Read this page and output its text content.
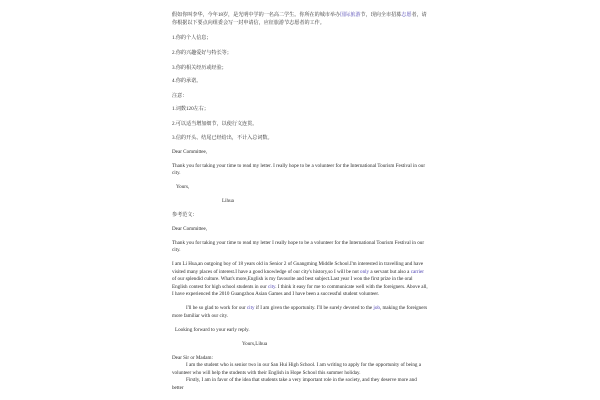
假如你叫李华，今年18岁，是光明中学的一名高二学生。你所在的城市举办国际旅游节，现向全市招募志愿者，请你根据以下要点向组委会写一封申请信，应征旅游节志愿者的工作。
1.你的个人信息；
2.你的兴趣爱好与特长等；
3.你的相关经历或经验；
4.你的承诺。
注意：
1.词数120左右；
2.可以适当增加细节，以使行文连贯。
3.信的开头、结尾已经给出，不计入总词数。
Dear Committee,
Thank you for taking your time to read my letter. I really hope to be a volunteer for the International Tourism Festival in our
city.
Yours,
Lihua
参考范文：
Dear Committee,
Thank you for taking your time to read my letter I really hope to be a volunteer for the International Tourism Festival in our
city.
I am Li Hua,an outgoing boy of 18 years old in Senior 2 of Guangming Middle School.I'm interested in travelling and have visited many places of interest.I have a good knowledge of our city's history,so I will be not only a servant but also a carrier of our splendid culture. What's more,English is my favourite and best subject.Last year I won the first prize in the oral English contest for high school students in our city. I think it easy for me to communicate well with the foreigners. Above all, I have experienced the 2010 Guangzhou Asian Games and I have been a successful student volunteer.
I'll be so glad to work for our city if I am given the opportunity. I'll be surely devoted to the job, making the foreigners more familiar with our city.
Looking forward to your early reply.
Yours,Lihua
Dear Sir or Madam:
I am the student who is senior two in our San Hui High School. I am writing to apply for the opportunity of being a volunteer who will help the students with their English in Hope School this summer holiday.
Firstly, I am in favor of the idea that students take a very important role in the society, and they deserve more and better
